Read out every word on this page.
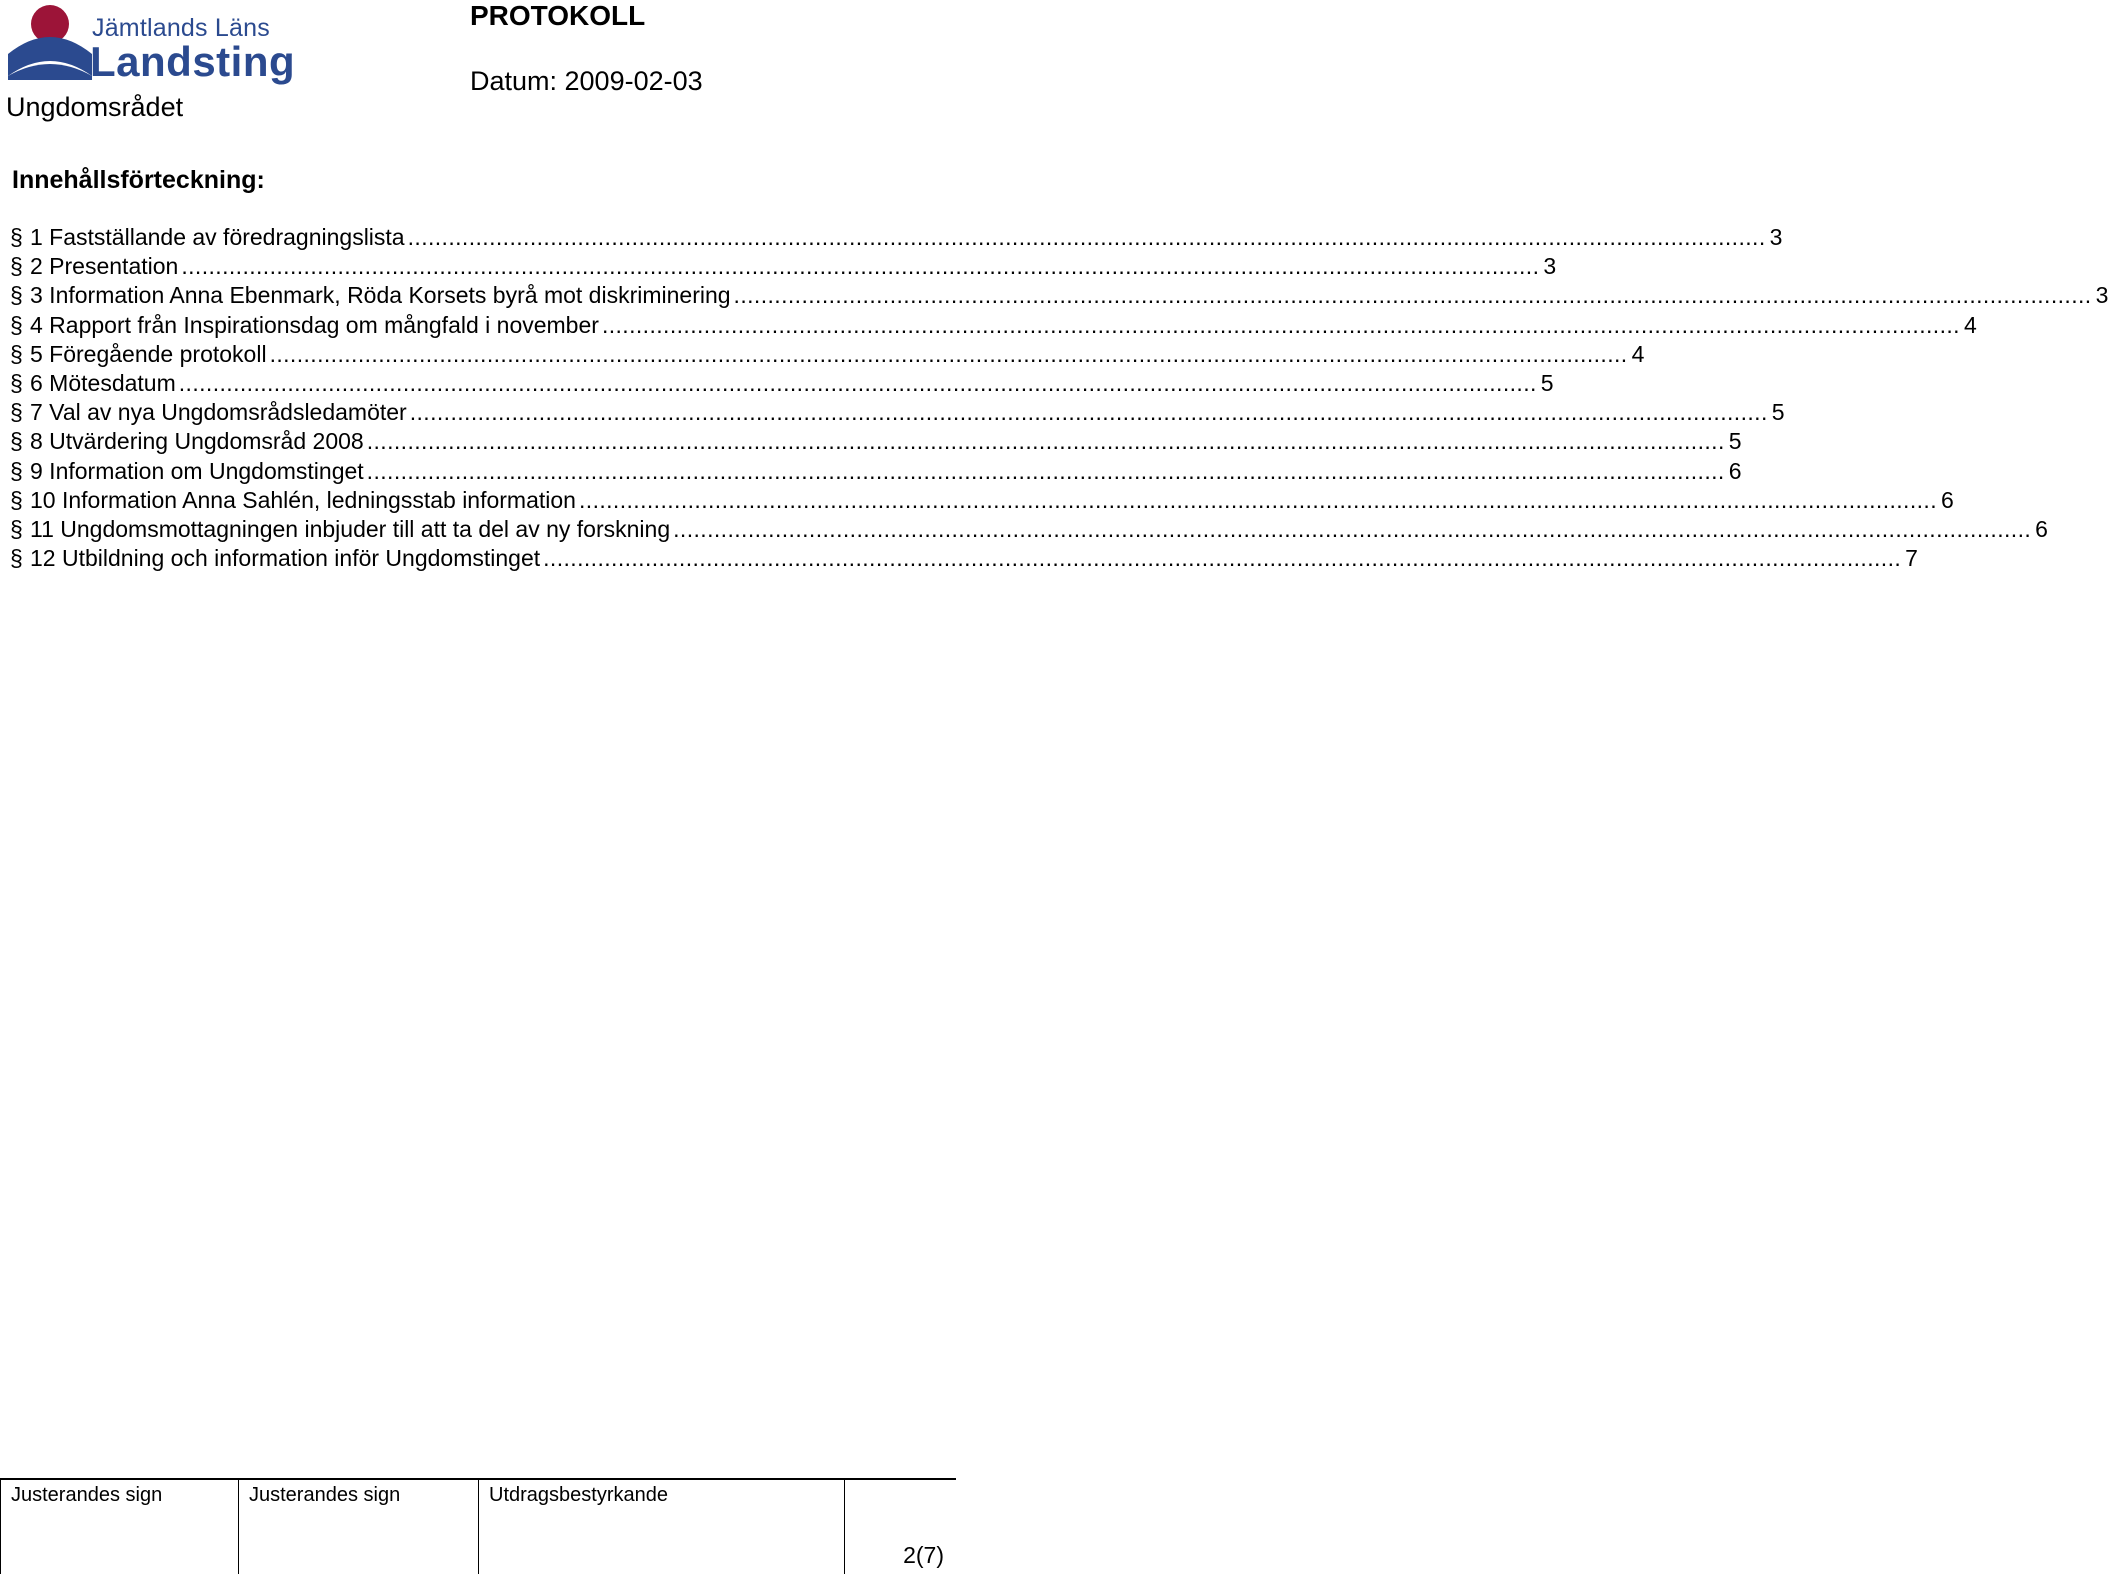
Jämtlands Läns
Landsting
Ungdomsrådet
PROTOKOLL
Datum: 2009-02-03
Innehållsförteckning:
§ 1 Fastställande av föredragningslista ........................................................................................................................................................................................................ 3
§ 2 Presentation ........................................................................................................................................................................................................ 3
§ 3 Information Anna Ebenmark, Röda Korsets byrå mot diskriminering ........................................................................................................................................................................................................ 3
§ 4 Rapport från Inspirationsdag om mångfald i november ........................................................................................................................................................................................................ 4
§ 5 Föregående protokoll ........................................................................................................................................................................................................ 4
§ 6 Mötesdatum ........................................................................................................................................................................................................ 5
§ 7 Val av nya Ungdomsrådsledamöter ........................................................................................................................................................................................................ 5
§ 8 Utvärdering Ungdomsråd 2008 ........................................................................................................................................................................................................ 5
§ 9 Information om Ungdomstinget ........................................................................................................................................................................................................ 6
§ 10 Information Anna Sahlén, ledningsstab information ........................................................................................................................................................................................................ 6
§ 11 Ungdomsmottagningen inbjuder till att ta del av ny forskning ........................................................................................................................................................................................................ 6
§ 12 Utbildning och information inför Ungdomstinget ........................................................................................................................................................................................................ 7
Justerandes sign	Justerandes sign	Utdragsbestyrkande
2(7)
